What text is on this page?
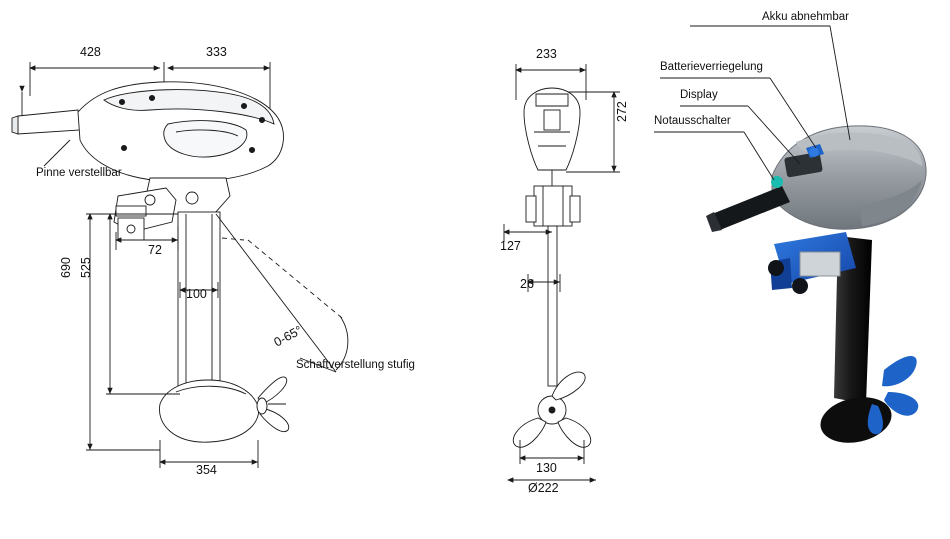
428	333
72
690 525
100
354
0-65°
Pinne verstellbar
Schaftverstellung stufig
233
272
127
26
130
Ø222
Akku abnehmbar
Batterieverriegelung
Display
Notausschalter
